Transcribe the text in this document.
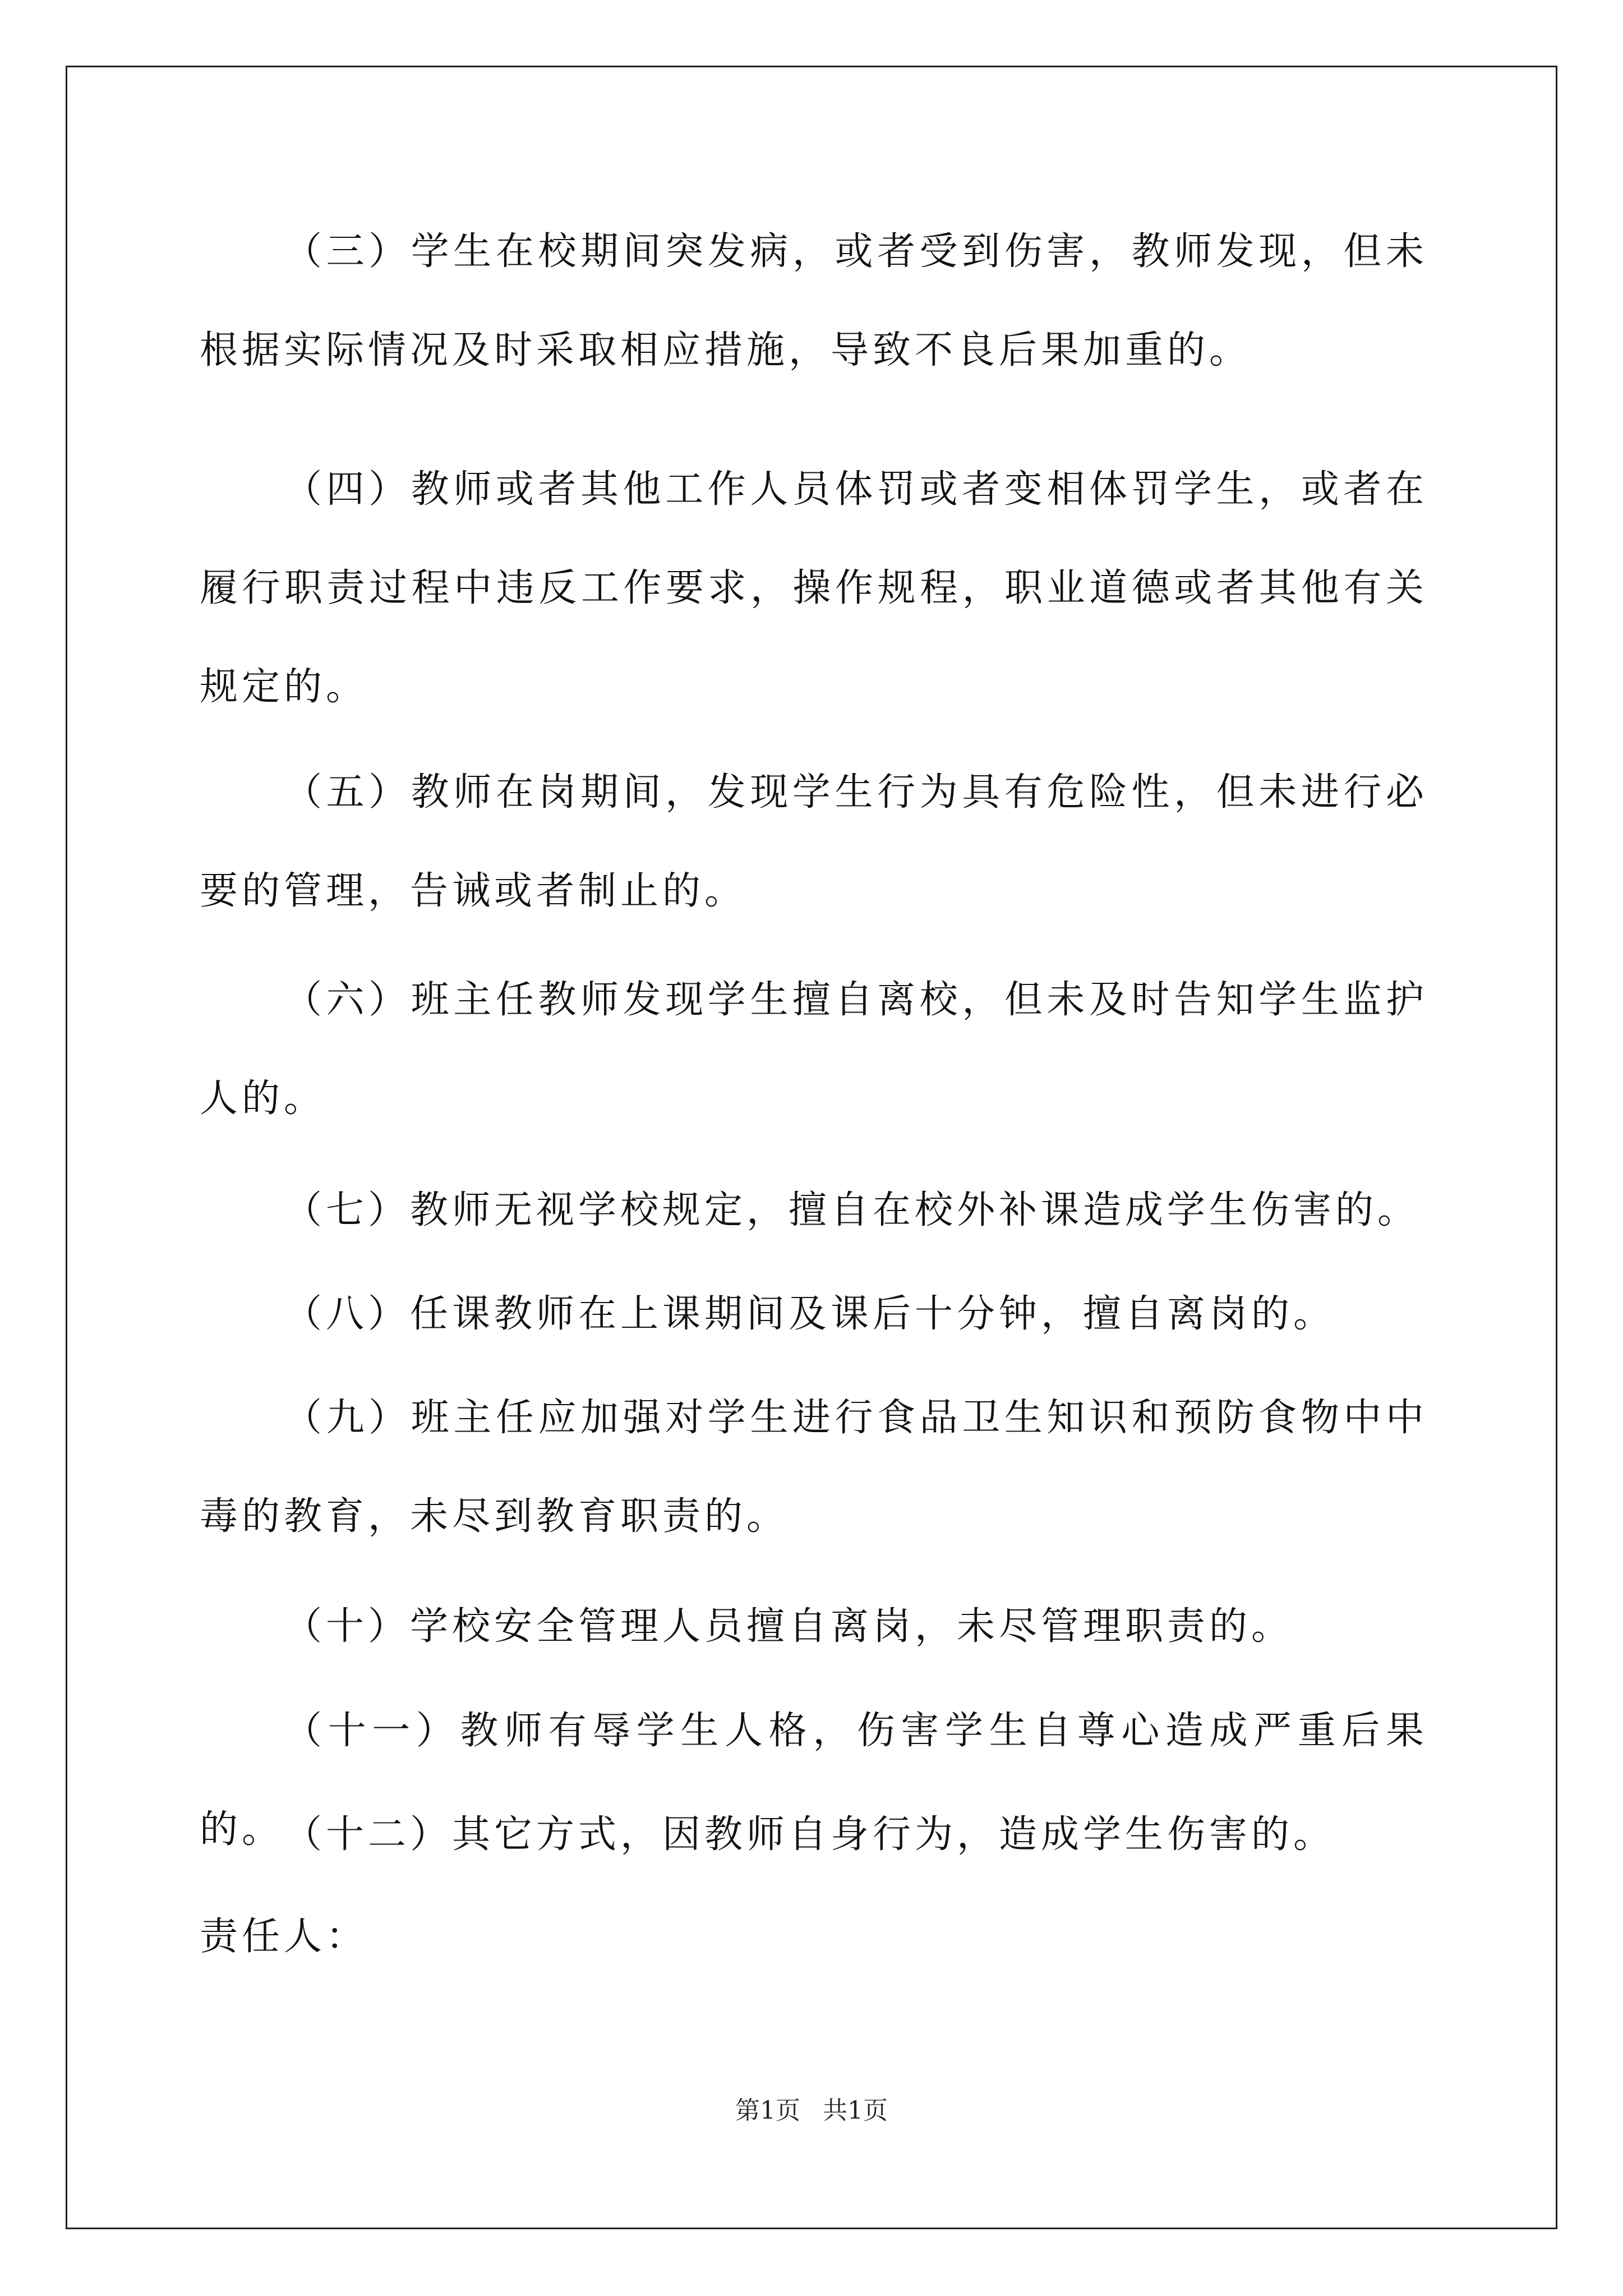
（三）学生在校期间突发病，或者受到伤害，教师发现，但未根据实际情况及时采取相应措施，导致不良后果加重的。

（四）教师或者其他工作人员体罚或者变相体罚学生，或者在履行职责过程中违反工作要求，操作规程，职业道德或者其他有关规定的。

（五）教师在岗期间，发现学生行为具有危险性，但未进行必要的管理，告诫或者制止的。

（六）班主任教师发现学生擅自离校，但未及时告知学生监护人的。

（七）教师无视学校规定，擅自在校外补课造成学生伤害的。

（八）任课教师在上课期间及课后十分钟，擅自离岗的。

（九）班主任应加强对学生进行食品卫生知识和预防食物中中毒的教育，未尽到教育职责的。

（十）学校安全管理人员擅自离岗，未尽管理职责的。

（十一）教师有辱学生人格，伤害学生自尊心造成严重后果的。 （十二）其它方式，因教师自身行为，造成学生伤害的。

责任人：

第1页 共1页
